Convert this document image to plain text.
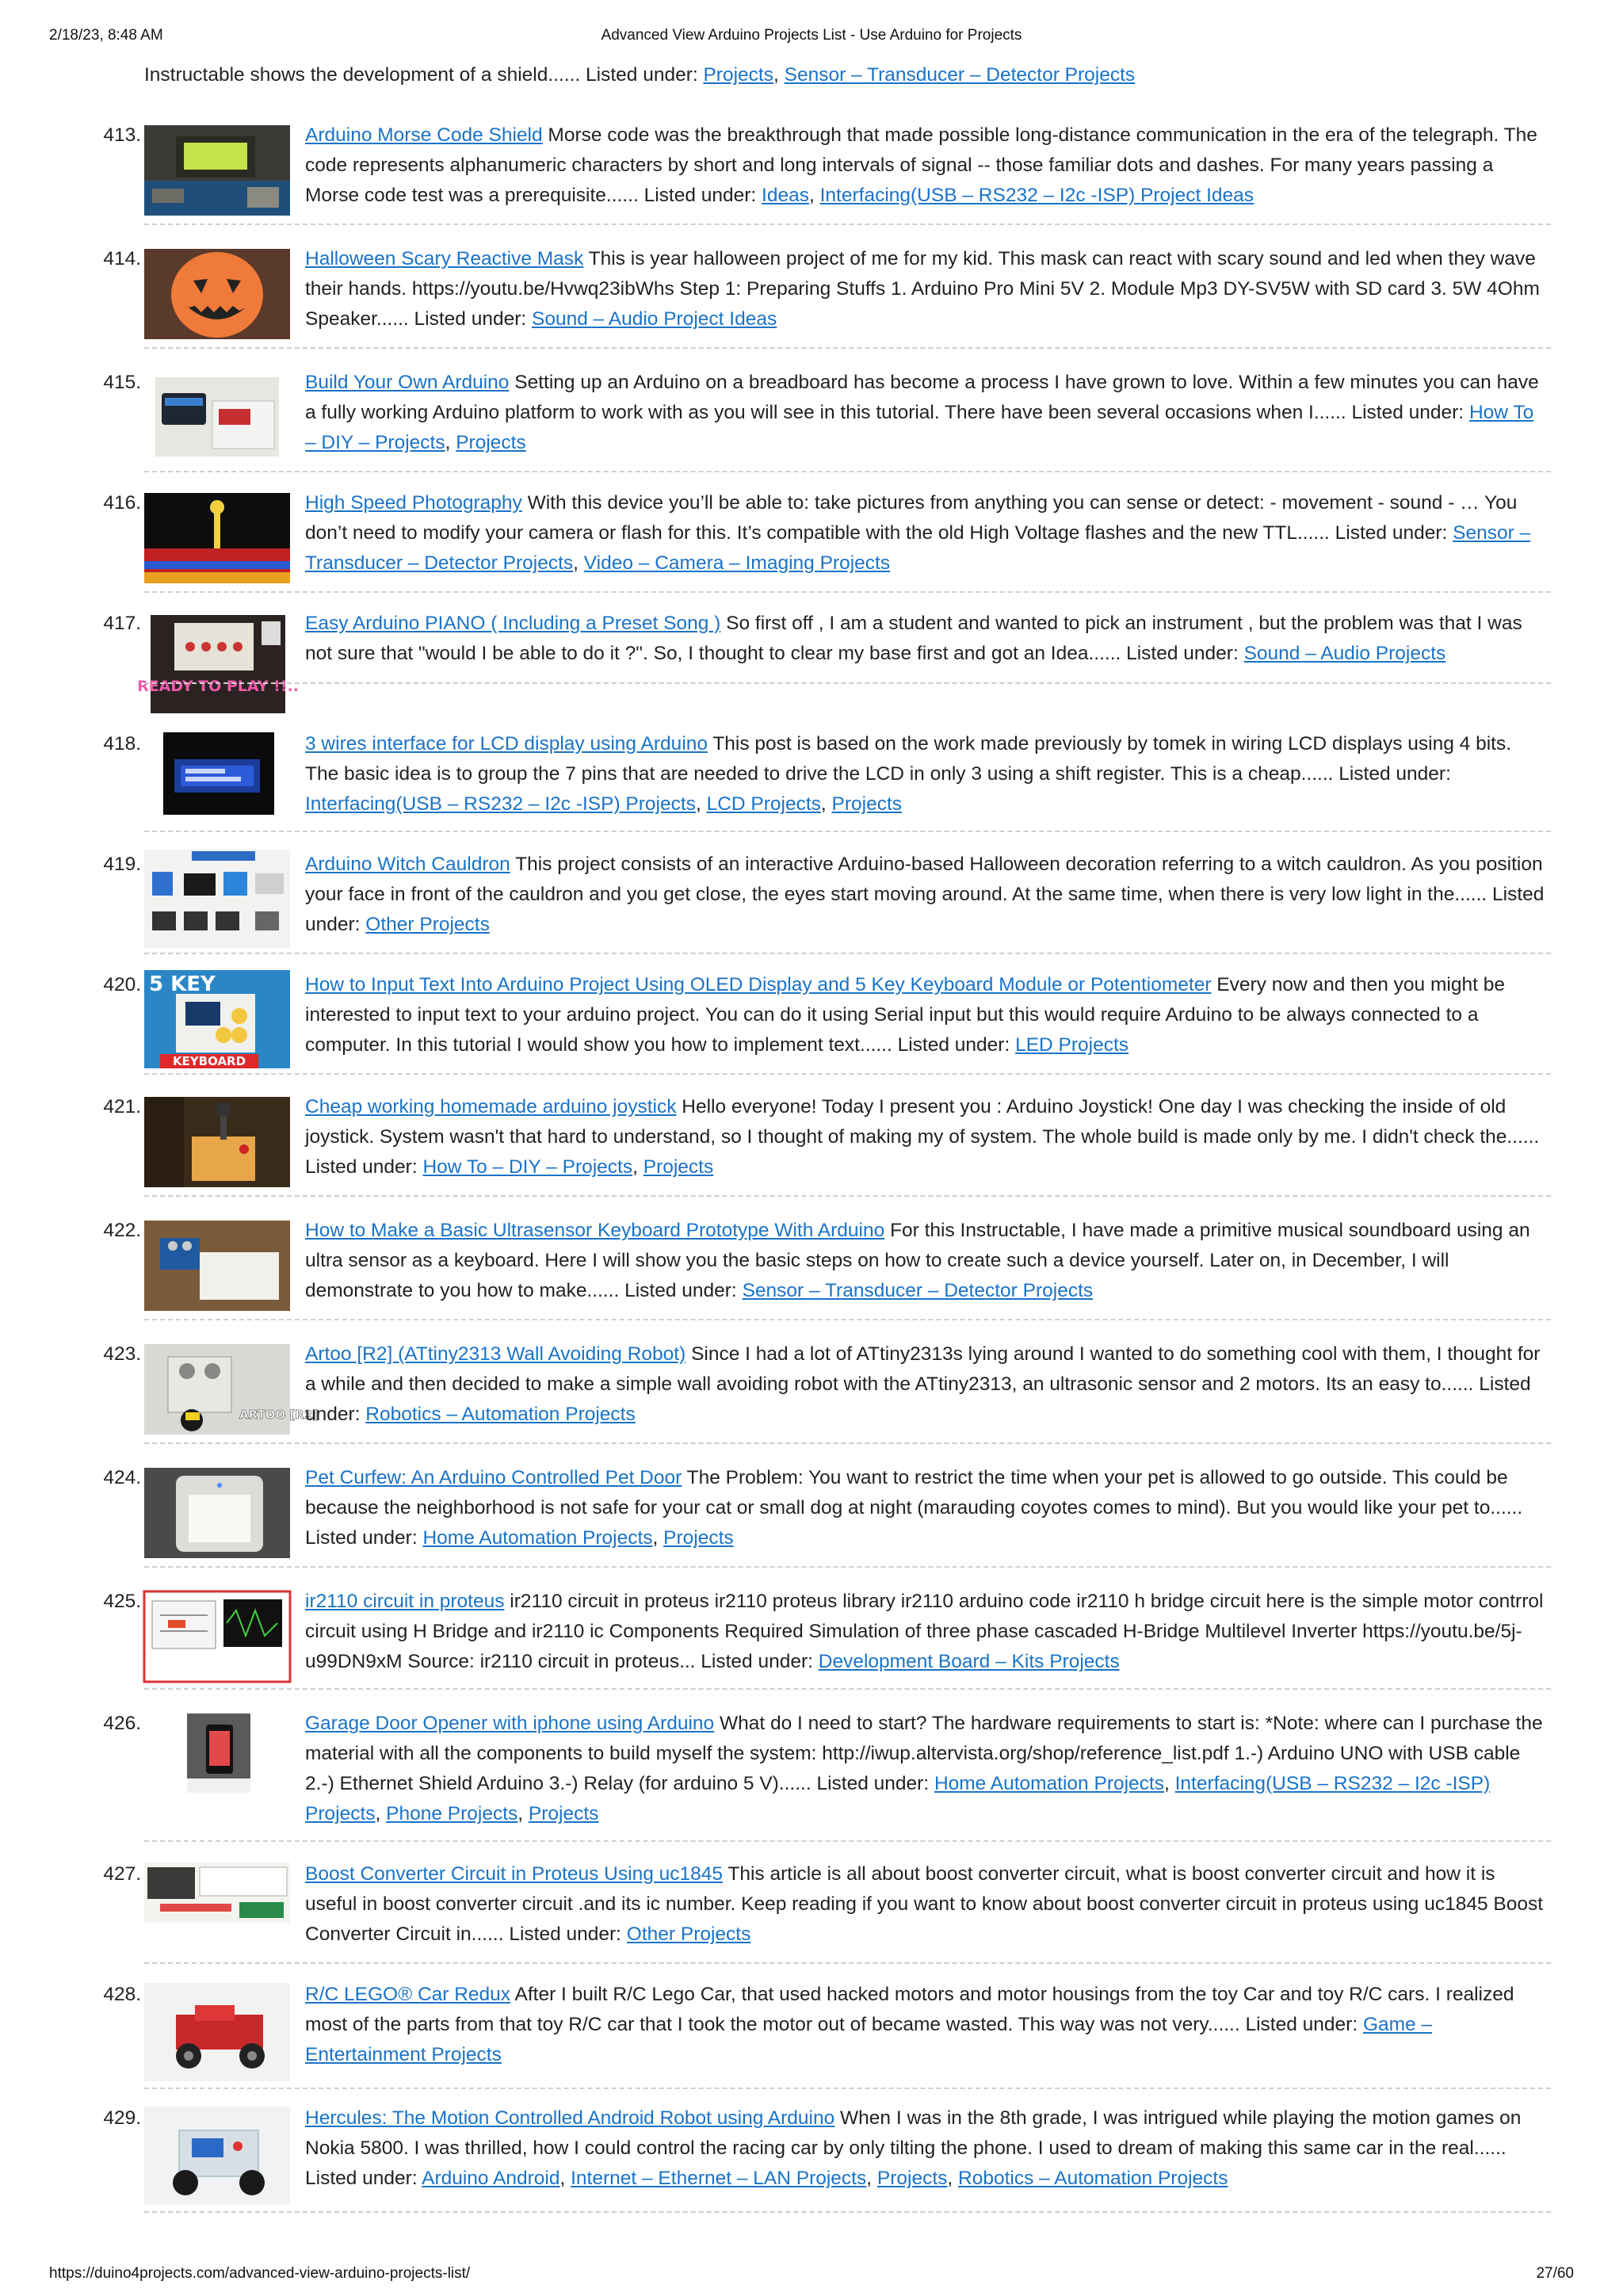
2/18/23, 8:48 AM	Advanced View Arduino Projects List - Use Arduino for Projects

Instructable shows the development of a shield...... Listed under: Projects, Sensor – Transducer – Detector Projects

413.	Arduino Morse Code Shield Morse code was the breakthrough that made possible long-distance communication in the era of the telegraph. The code represents alphanumeric characters by short and long intervals of signal -- those familiar dots and dashes. For many years passing a Morse code test was a prerequisite...... Listed under: Ideas, Interfacing(USB – RS232 – I2c -ISP) Project Ideas

414.	Halloween Scary Reactive Mask This is year halloween project of me for my kid. This mask can react with scary sound and led when they wave their hands. https://youtu.be/Hvwq23ibWhs Step 1: Preparing Stuffs 1. Arduino Pro Mini 5V 2. Module Mp3 DY-SV5W with SD card 3. 5W 4Ohm Speaker...... Listed under: Sound – Audio Project Ideas

415.	Build Your Own Arduino Setting up an Arduino on a breadboard has become a process I have grown to love. Within a few minutes you can have a fully working Arduino platform to work with as you will see in this tutorial. There have been several occasions when I...... Listed under: How To – DIY – Projects, Projects

416.	High Speed Photography With this device you’ll be able to: take pictures from anything you can sense or detect: - movement - sound - … You don’t need to modify your camera or flash for this. It’s compatible with the old High Voltage flashes and the new TTL...... Listed under: Sensor – Transducer – Detector Projects, Video – Camera – Imaging Projects

417.
READY TO PLAY !!..

Easy Arduino PIANO ( Including a Preset Song ) So first off , I am a student and wanted to pick an instrument , but the problem was that I was not sure that "would I be able to do it ?". So, I thought to clear my base first and got an Idea...... Listed under: Sound – Audio Projects

418.	3 wires interface for LCD display using Arduino This post is based on the work made previously by tomek in wiring LCD displays using 4 bits. The basic idea is to group the 7 pins that are needed to drive the LCD in only 3 using a shift register. This is a cheap...... Listed under: Interfacing(USB – RS232 – I2c -ISP) Projects, LCD Projects, Projects

419.	Arduino Witch Cauldron This project consists of an interactive Arduino-based Halloween decoration referring to a witch cauldron. As you position your face in front of the cauldron and you get close, the eyes start moving around. At the same time, when there is very low light in the...... Listed under: Other Projects

420. 5 KEY
KEYBOARD

How to Input Text Into Arduino Project Using OLED Display and 5 Key Keyboard Module or Potentiometer Every now and then you might be interested to input text to your arduino project. You can do it using Serial input but this would require Arduino to be always connected to a computer. In this tutorial I would show you how to implement text...... Listed under: LED Projects

421.	Cheap working homemade arduino joystick Hello everyone! Today I present you : Arduino Joystick! One day I was checking the inside of old joystick. System wasn't that hard to understand, so I thought of making my of system. The whole build is made only by me. I didn't check the...... Listed under: How To – DIY – Projects, Projects

422.	How to Make a Basic Ultrasensor Keyboard Prototype With Arduino For this Instructable, I have made a primitive musical soundboard using an ultra sensor as a keyboard. Here I will show you the basic steps on how to create such a device yourself. Later on, in December, I will demonstrate to you how to make...... Listed under: Sensor – Transducer – Detector Projects

423.
ARTOO [R2]

Artoo [R2] (ATtiny2313 Wall Avoiding Robot) Since I had a lot of ATtiny2313s lying around I wanted to do something cool with them, I thought for a while and then decided to make a simple wall avoiding robot with the ATtiny2313, an ultrasonic sensor and 2 motors. Its an easy to...... Listed under: Robotics – Automation Projects

424.	Pet Curfew: An Arduino Controlled Pet Door The Problem: You want to restrict the time when your pet is allowed to go outside. This could be because the neighborhood is not safe for your cat or small dog at night (marauding coyotes comes to mind). But you would like your pet to...... Listed under: Home Automation Projects, Projects

425.	ir2110 circuit in proteus ir2110 circuit in proteus ir2110 proteus library ir2110 arduino code ir2110 h bridge circuit here is the simple motor contrrol circuit using H Bridge and ir2110 ic Components Required Simulation of three phase cascaded H-Bridge Multilevel Inverter https://youtu.be/5j-u99DN9xM Source: ir2110 circuit in proteus... Listed under: Development Board – Kits Projects

426.	Garage Door Opener with iphone using Arduino What do I need to start? The hardware requirements to start is: *Note: where can I purchase the material with all the components to build myself the system: http://iwup.altervista.org/shop/reference_list.pdf 1.-) Arduino UNO with USB cable 2.-) Ethernet Shield Arduino 3.-) Relay (for arduino 5 V)...... Listed under: Home Automation Projects, Interfacing(USB – RS232 – I2c -ISP) Projects, Phone Projects, Projects

427.	Boost Converter Circuit in Proteus Using uc1845 This article is all about boost converter circuit, what is boost converter circuit and how it is useful in boost converter circuit .and its ic number. Keep reading if you want to know about boost converter circuit in proteus using uc1845 Boost Converter Circuit in...... Listed under: Other Projects

428.	R/C LEGO® Car Redux After I built R/C Lego Car, that used hacked motors and motor housings from the toy Car and toy R/C cars. I realized most of the parts from that toy R/C car that I took the motor out of became wasted. This way was not very...... Listed under: Game – Entertainment Projects

429.	Hercules: The Motion Controlled Android Robot using Arduino When I was in the 8th grade, I was intrigued while playing the motion games on Nokia 5800. I was thrilled, how I could control the racing car by only tilting the phone. I used to dream of making this same car in the real...... Listed under: Arduino Android, Internet – Ethernet – LAN Projects, Projects, Robotics – Automation Projects

https://duino4projects.com/advanced-view-arduino-projects-list/	27/60
